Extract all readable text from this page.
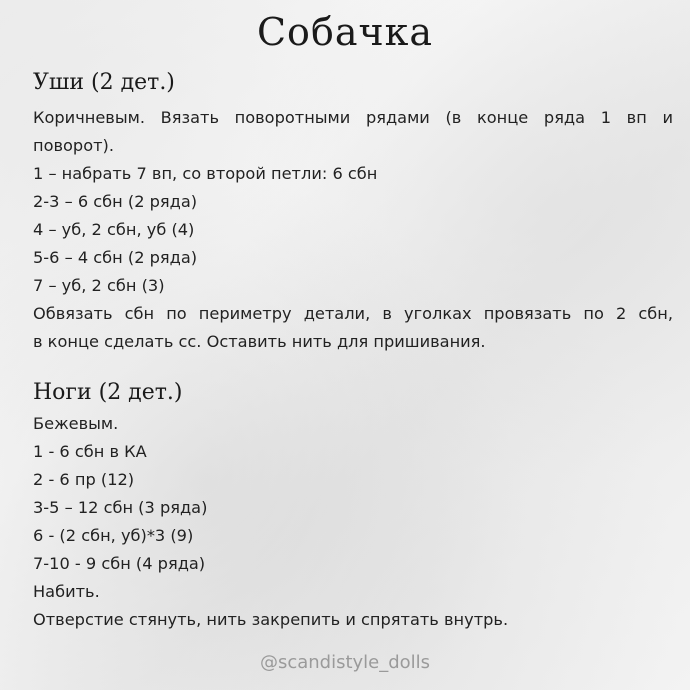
Собачка
Уши (2 дет.)
Коричневым. Вязать поворотными рядами (в конце ряда 1 вп и
поворот).
1 – набрать 7 вп, со второй петли: 6 сбн
2-3 – 6 сбн (2 ряда)
4 – уб, 2 сбн, уб (4)
5-6 – 4 сбн (2 ряда)
7 – уб, 2 сбн (3)
Обвязать сбн по периметру детали, в уголках провязать по 2 сбн,
в конце сделать сс. Оставить нить для пришивания.
Ноги (2 дет.)
Бежевым.
1 - 6 сбн в КА
2 - 6 пр (12)
3-5 – 12 сбн (3 ряда)
6 - (2 сбн, уб)*3 (9)
7-10 - 9 сбн (4 ряда)
Набить.
Отверстие стянуть, нить закрепить и спрятать внутрь.
@scandistyle_dolls
